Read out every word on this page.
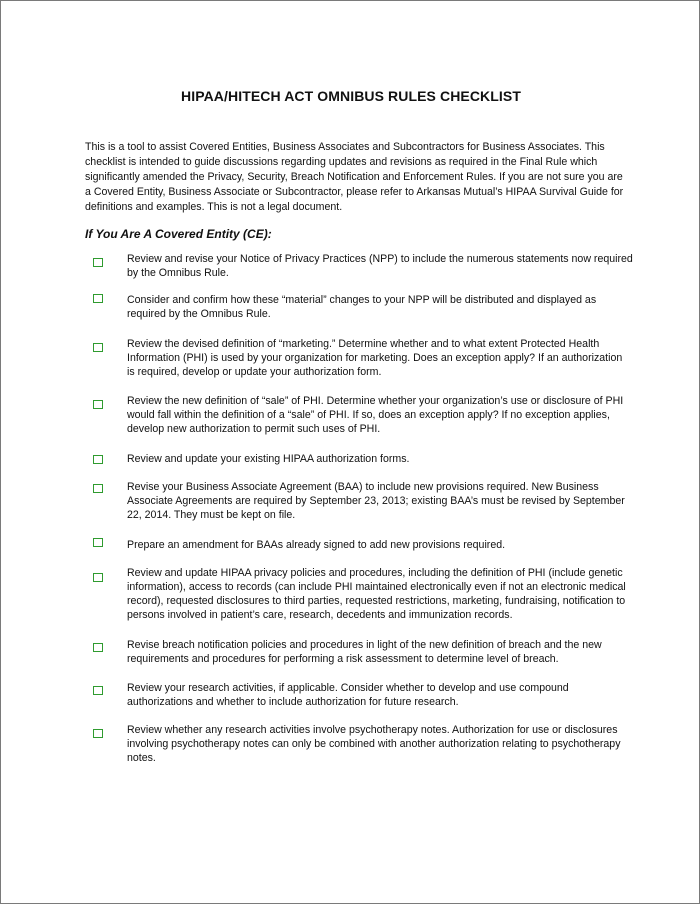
HIPAA/HITECH ACT OMNIBUS RULES CHECKLIST
This is a tool to assist Covered Entities, Business Associates and Subcontractors for Business Associates. This
checklist is intended to guide discussions regarding updates and revisions as required in the Final Rule which
significantly amended the Privacy, Security, Breach Notification and Enforcement Rules. If you are not sure you are
a Covered Entity, Business Associate or Subcontractor, please refer to Arkansas Mutual’s HIPAA Survival Guide for
definitions and examples. This is not a legal document.
If You Are A Covered Entity (CE):
Review and revise your Notice of Privacy Practices (NPP) to include the numerous statements now required
by the Omnibus Rule.
Consider and confirm how these “material” changes to your NPP will be distributed and displayed as
required by the Omnibus Rule.
Review the devised definition of “marketing.” Determine whether and to what extent Protected Health
Information (PHI) is used by your organization for marketing. Does an exception apply? If an authorization
is required, develop or update your authorization form.
Review the new definition of “sale” of PHI. Determine whether your organization’s use or disclosure of PHI
would fall within the definition of a “sale” of PHI. If so, does an exception apply? If no exception applies,
develop new authorization to permit such uses of PHI.
Review and update your existing HIPAA authorization forms.
Revise your Business Associate Agreement (BAA) to include new provisions required. New Business
Associate Agreements are required by September 23, 2013; existing BAA’s must be revised by September
22, 2014. They must be kept on file.
Prepare an amendment for BAAs already signed to add new provisions required.
Review and update HIPAA privacy policies and procedures, including the definition of PHI (include genetic
information), access to records (can include PHI maintained electronically even if not an electronic medical
record), requested disclosures to third parties, requested restrictions, marketing, fundraising, notification to
persons involved in patient’s care, research, decedents and immunization records.
Revise breach notification policies and procedures in light of the new definition of breach and the new
requirements and procedures for performing a risk assessment to determine level of breach.
Review your research activities, if applicable. Consider whether to develop and use compound
authorizations and whether to include authorization for future research.
Review whether any research activities involve psychotherapy notes. Authorization for use or disclosures
involving psychotherapy notes can only be combined with another authorization relating to psychotherapy
notes.
